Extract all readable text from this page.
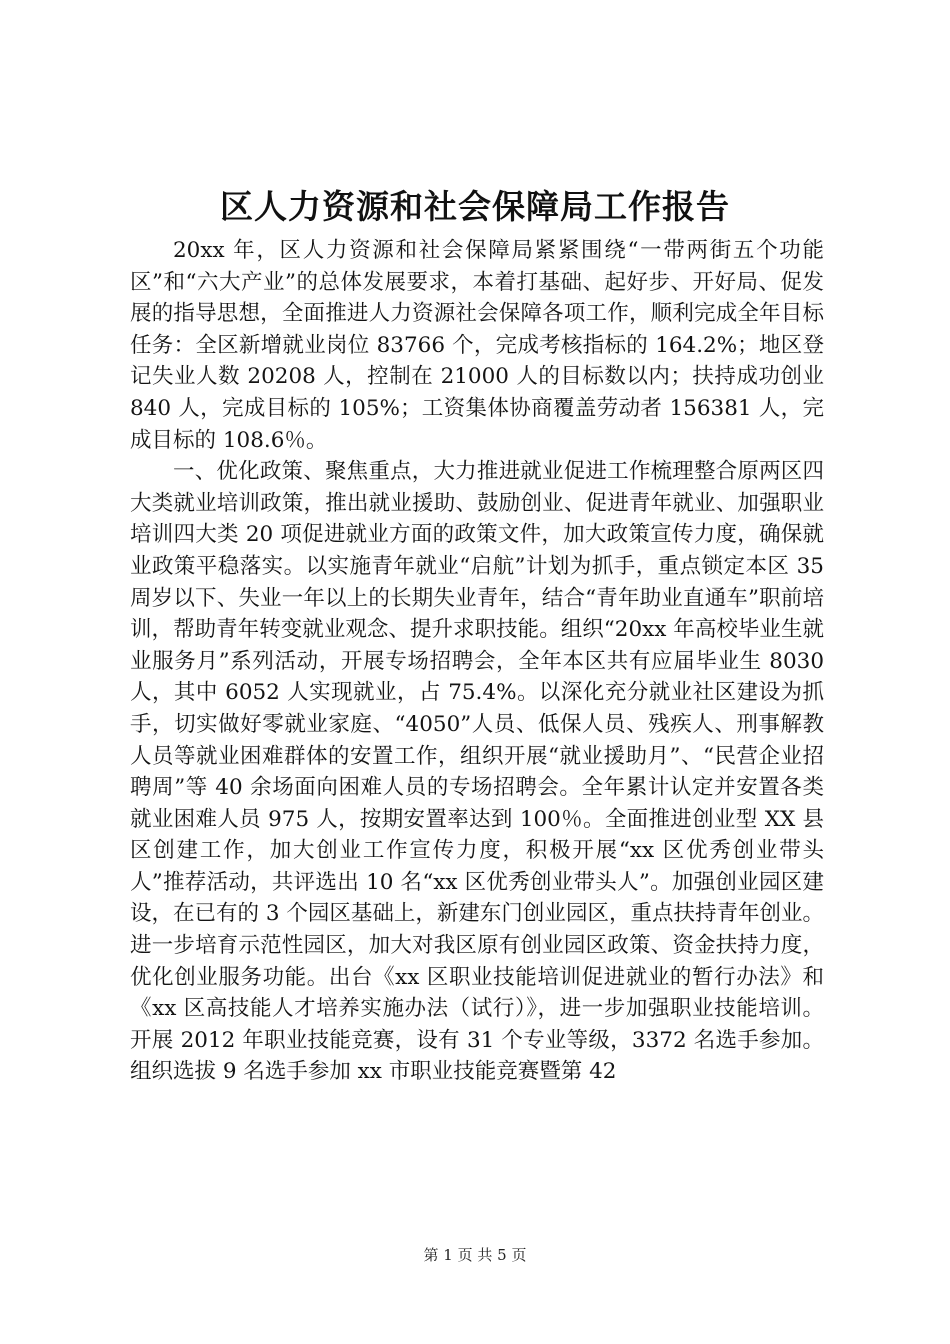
区人力资源和社会保障局工作报告

20xx 年，区人力资源和社会保障局紧紧围绕“一带两街五个功能区”和“六大产业”的总体发展要求，本着打基础、起好步、开好局、促发展的指导思想，全面推进人力资源社会保障各项工作，顺利完成全年目标任务：全区新增就业岗位 83766 个，完成考核指标的 164.2%；地区登记失业人数 20208 人，控制在 21000 人的目标数以内；扶持成功创业 840 人，完成目标的 105%；工资集体协商覆盖劳动者 156381 人，完成目标的 108.6％。

一、优化政策、聚焦重点，大力推进就业促进工作梳理整合原两区四大类就业培训政策，推出就业援助、鼓励创业、促进青年就业、加强职业培训四大类 20 项促进就业方面的政策文件，加大政策宣传力度，确保就业政策平稳落实。以实施青年就业“启航”计划为抓手，重点锁定本区 35 周岁以下、失业一年以上的长期失业青年，结合“青年助业直通车”职前培训，帮助青年转变就业观念、提升求职技能。组织“20xx 年高校毕业生就业服务月”系列活动，开展专场招聘会，全年本区共有应届毕业生 8030 人，其中 6052 人实现就业，占 75.4%。以深化充分就业社区建设为抓手，切实做好零就业家庭、“4050”人员、低保人员、残疾人、刑事解教人员等就业困难群体的安置工作，组织开展“就业援助月”、“民营企业招聘周”等 40 余场面向困难人员的专场招聘会。全年累计认定并安置各类就业困难人员 975 人，按期安置率达到 100％。全面推进创业型 XX 县区创建工作，加大创业工作宣传力度，积极开展“xx 区优秀创业带头人”推荐活动，共评选出 10 名“xx 区优秀创业带头人”。加强创业园区建设，在已有的 3 个园区基础上，新建东门创业园区，重点扶持青年创业。进一步培育示范性园区，加大对我区原有创业园区政策、资金扶持力度，优化创业服务功能。出台《xx 区职业技能培训促进就业的暂行办法》和《xx 区高技能人才培养实施办法（试行）》，进一步加强职业技能培训。开展 2012 年职业技能竞赛，设有 31 个专业等级，3372 名选手参加。组织选拔 9 名选手参加 xx 市职业技能竞赛暨第 42

第 1 页 共 5 页
